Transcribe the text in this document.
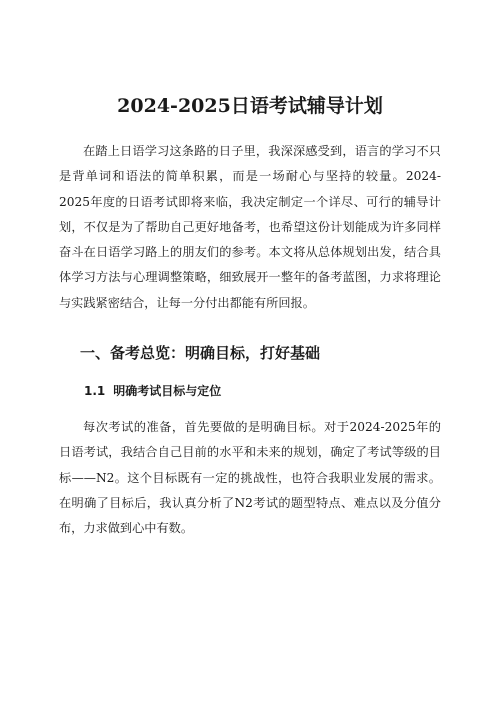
2024-2025日语考试辅导计划

在踏上日语学习这条路的日子里，我深深感受到，语言的学习不只是背单词和语法的简单积累，而是一场耐心与坚持的较量。2024-2025年度的日语考试即将来临，我决定制定一个详尽、可行的辅导计划，不仅是为了帮助自己更好地备考，也希望这份计划能成为许多同样奋斗在日语学习路上的朋友们的参考。本文将从总体规划出发，结合具体学习方法与心理调整策略，细致展开一整年的备考蓝图，力求将理论与实践紧密结合，让每一分付出都能有所回报。

一、备考总览：明确目标，打好基础
1.1 明确考试目标与定位

每次考试的准备，首先要做的是明确目标。对于2024-2025年的日语考试，我结合自己目前的水平和未来的规划，确定了考试等级的目标——N2。这个目标既有一定的挑战性，也符合我职业发展的需求。在明确了目标后，我认真分析了N2考试的题型特点、难点以及分值分布，力求做到心中有数。
